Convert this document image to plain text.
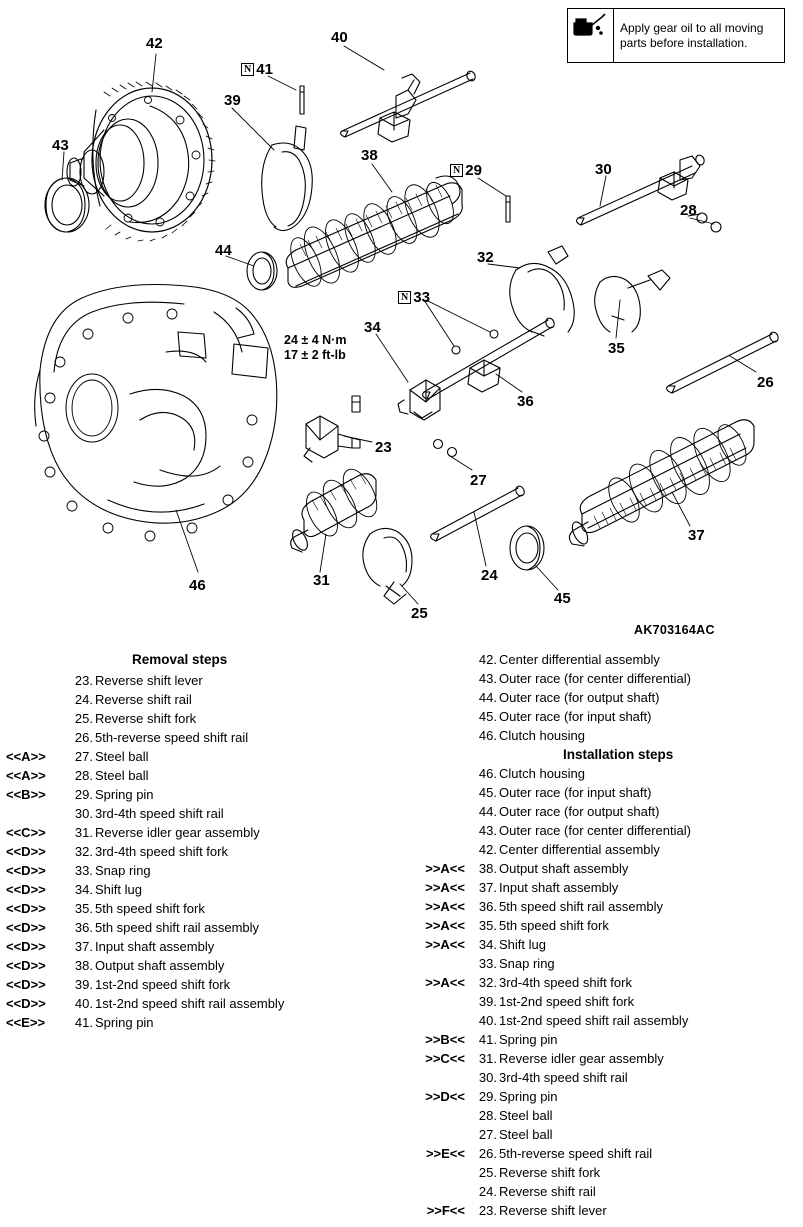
42
43
44
46
39
N 41
40
38
N 29	30
28
32
N 33
34
35
26
36
23
27
37
31	24
25
45
24 ± 4 N·m
17 ± 2 ft-lb
Apply gear oil to all moving parts before installation.
AK703164AC
Removal steps
23. Reverse shift lever
24. Reverse shift rail
25. Reverse shift fork
26. 5th-reverse speed shift rail
<<A>>	27. Steel ball
<<A>>	28. Steel ball
<<B>>	29. Spring pin
30. 3rd-4th speed shift rail
<<C>>	31. Reverse idler gear assembly
<<D>>	32. 3rd-4th speed shift fork
<<D>>	33. Snap ring
<<D>>	34. Shift lug
<<D>>	35. 5th speed shift fork
<<D>>	36. 5th speed shift rail assembly
<<D>>	37. Input shaft assembly
<<D>>	38. Output shaft assembly
<<D>>	39. 1st-2nd speed shift fork
<<D>>	40. 1st-2nd speed shift rail assembly
<<E>>	41. Spring pin
42. Center differential assembly
43. Outer race (for center differential)
44. Outer race (for output shaft)
45. Outer race (for input shaft)
46. Clutch housing
Installation steps
46. Clutch housing
45. Outer race (for input shaft)
44. Outer race (for output shaft)
43. Outer race (for center differential)
42. Center differential assembly
>>A<<	38. Output shaft assembly
>>A<<	37. Input shaft assembly
>>A<<	36. 5th speed shift rail assembly
>>A<<	35. 5th speed shift fork
>>A<<	34. Shift lug
33. Snap ring
>>A<<	32. 3rd-4th speed shift fork
39. 1st-2nd speed shift fork
40. 1st-2nd speed shift rail assembly
>>B<<	41. Spring pin
>>C<<	31. Reverse idler gear assembly
30. 3rd-4th speed shift rail
>>D<<	29. Spring pin
28. Steel ball
27. Steel ball
>>E<<	26. 5th-reverse speed shift rail
25. Reverse shift fork
24. Reverse shift rail
>>F<<	23. Reverse shift lever
